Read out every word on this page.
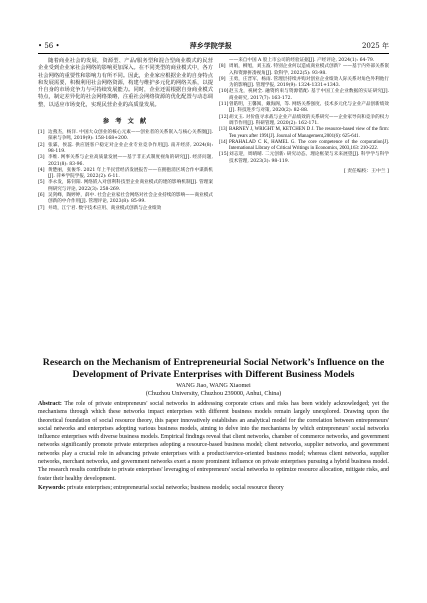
• 56 •	萍乡学院学报	2025 年

随着商业社会的发展，资源型、产品/服务型和混合型商业模式的民营企业受到企业家社会网络的影响更加深入。在不同类型的商业模式中，各方社会网络的重要性和影响力有所不同。因此，企业家应根据企业的自身特点和发展需要，积极利用社会网络资源，构建与维护多元化的网络关系，以提升自身的市场竞争力与可持续发展能力。同时，企业还需根据自身商业模式特点，制定差异化的社会网络策略，注重社会网络资源的优化配置与动态调整，以适应市场变化，实现民营企业的高质量发展。

参 考 文 献
[1] 边燕杰，杨洋. 中国大众创业的核心元素——创业者的关系嵌入与核心关系圈[J]. 探索与争鸣, 2019(9): 158-168+200.
[2] 张霖，侯蕊. 供应链客户稳定对企业企业专业竞争作用[J]. 南开经济, 2024(8): 98-119.
[3] 李维. 网事关系与企业高质量发展——基于非正式制度视角的研究[J]. 经济问题, 2021(8): 83-96.
[4] 黄楚丽，张俊华. 2021 年上半民营经济发展报告——在拥抱消区域合作中谋新机[J]. 萍乡学院学报, 2022(2): 6-11.
[5] 李永发，陈钊阳. 网络嵌入对创利科技型企业商业模式的建的影响机制[J]. 管理案例研究与评论, 2022(3): 258-269.
[6] 吴剑峰，陶婷婷，薛中. 社会企业家社会网络对社会企业持续的影响——商业模式创新的中介作用[J]. 管理评论, 2023(8): 85-99.
[7] 井琦，江宁君. 数字技术应用、商业模式创新与企业绩效
——来自中国 A 股上市公司的经验证据[J]. 产经评论, 2024(1): 64-79.
[8] 周娟，柳旭，刘玉波. 特别企业何以造成商业模式创新？——基于内外部关系嵌入和资源拼凑视角[J]. 软科学, 2022(5): 93-98.
[9] 王勇，庄晋军，杨雨. 管理层持续并购对创业企业绩效人际关系对角色外利他行为的影响[J]. 管理学报, 2019(9): 1324-1331+1343.
[10] 赵玉龙，祝树全. 融资约束与资源错配: 基于中国工业企业数据的实证研究[J]. 商业研究, 2017(7): 163-172.
[11] 曾皓明，王馨阅，戴海阁，等. 网络关系强度、技术多元化与企业产品创新绩效[J]. 科技进步与对策, 2020(2): 82-88.
[12] 胡文玉. 对价值寻求战与企业产品绩效的关系研究——企业家导向和竞争的权力调节作用[J]. 科研管理, 2020(2): 162-171.
[13] BARNEY J, WRIGHT M, KETCHEN D J. The resource-based view of the firm: Ten years after 1991[J]. Journal of Management,2001(6): 625-641.
[14] PRAHALAD C K, HAMEL G. The core competence of the corporation[J]. International Library of Critical Writings in Economics, 2003,163: 210-222.
[15] 刘志迎，周晴晴. 二元创新: 研究动态、理论框架与未来展望[J]. 科学学与科学技术管理, 2023(3): 98-119.
[ 责任编校：王中兰 ]

Research on the Mechanism of Entrepreneurial Social Network’s Influence on the Development of Private Enterprises with Different Business Models

WANG Jiao, WANG Xiaomei
(Chuzhou University, Chuzhou 239000, Anhui, China)
Abstract: The role of private entrepreneurs' social networks in addressing corporate crises and risks has been widely acknowledged; yet the mechanisms through which these networks impact enterprises with different business models remain largely unexplored. Drawing upon the theoretical foundation of social resource theory, this paper innovatively establishes an analytical model for the correlation between entrepreneurs' social networks and enterprises adopting various business models, aiming to delve into the mechanisms by which entrepreneurs' social networks influence enterprises with diverse business models. Empirical findings reveal that client networks, chamber of commerce networks, and government networks significantly promote private enterprises adopting a resource-based business model; client networks, supplier networks, and government networks play a crucial role in advancing private enterprises with a product/service-oriented business model; whereas client networks, supplier networks, merchant networks, and government networks exert a more prominent influence on private enterprises pursuing a hybrid business model. The research results contribute to private enterprises' leveraging of entrepreneurs' social networks to optimize resource allocation, mitigate risks, and foster their healthy development.
Keywords: private enterprises; entrepreneurial social networks; business models; social resource theory
